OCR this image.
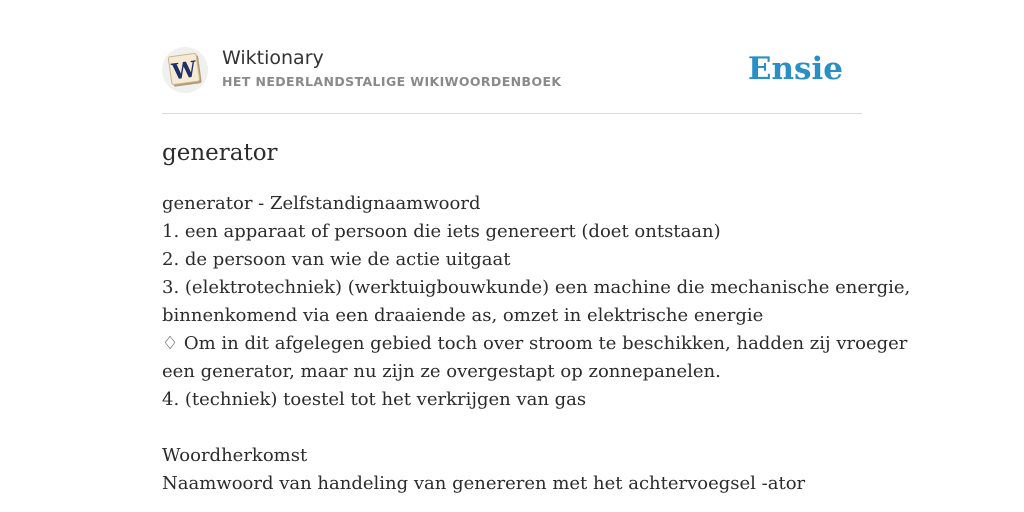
W Wiktionary
HET NEDERLANDSTALIGE WIKIWOORDENBOEK	Ensie
generator

generator - Zelfstandignaamwoord

1. een apparaat of persoon die iets genereert (doet ontstaan)

2. de persoon van wie de actie uitgaat

3. (elektrotechniek) (werktuigbouwkunde) een machine die mechanische energie,

binnenkomend via een draaiende as, omzet in elektrische energie

♢ Om in dit afgelegen gebied toch over stroom te beschikken, hadden zij vroeger

een generator, maar nu zijn ze overgestapt op zonnepanelen.

4. (techniek) toestel tot het verkrijgen van gas

Woordherkomst

Naamwoord van handeling van genereren met het achtervoegsel -ator
